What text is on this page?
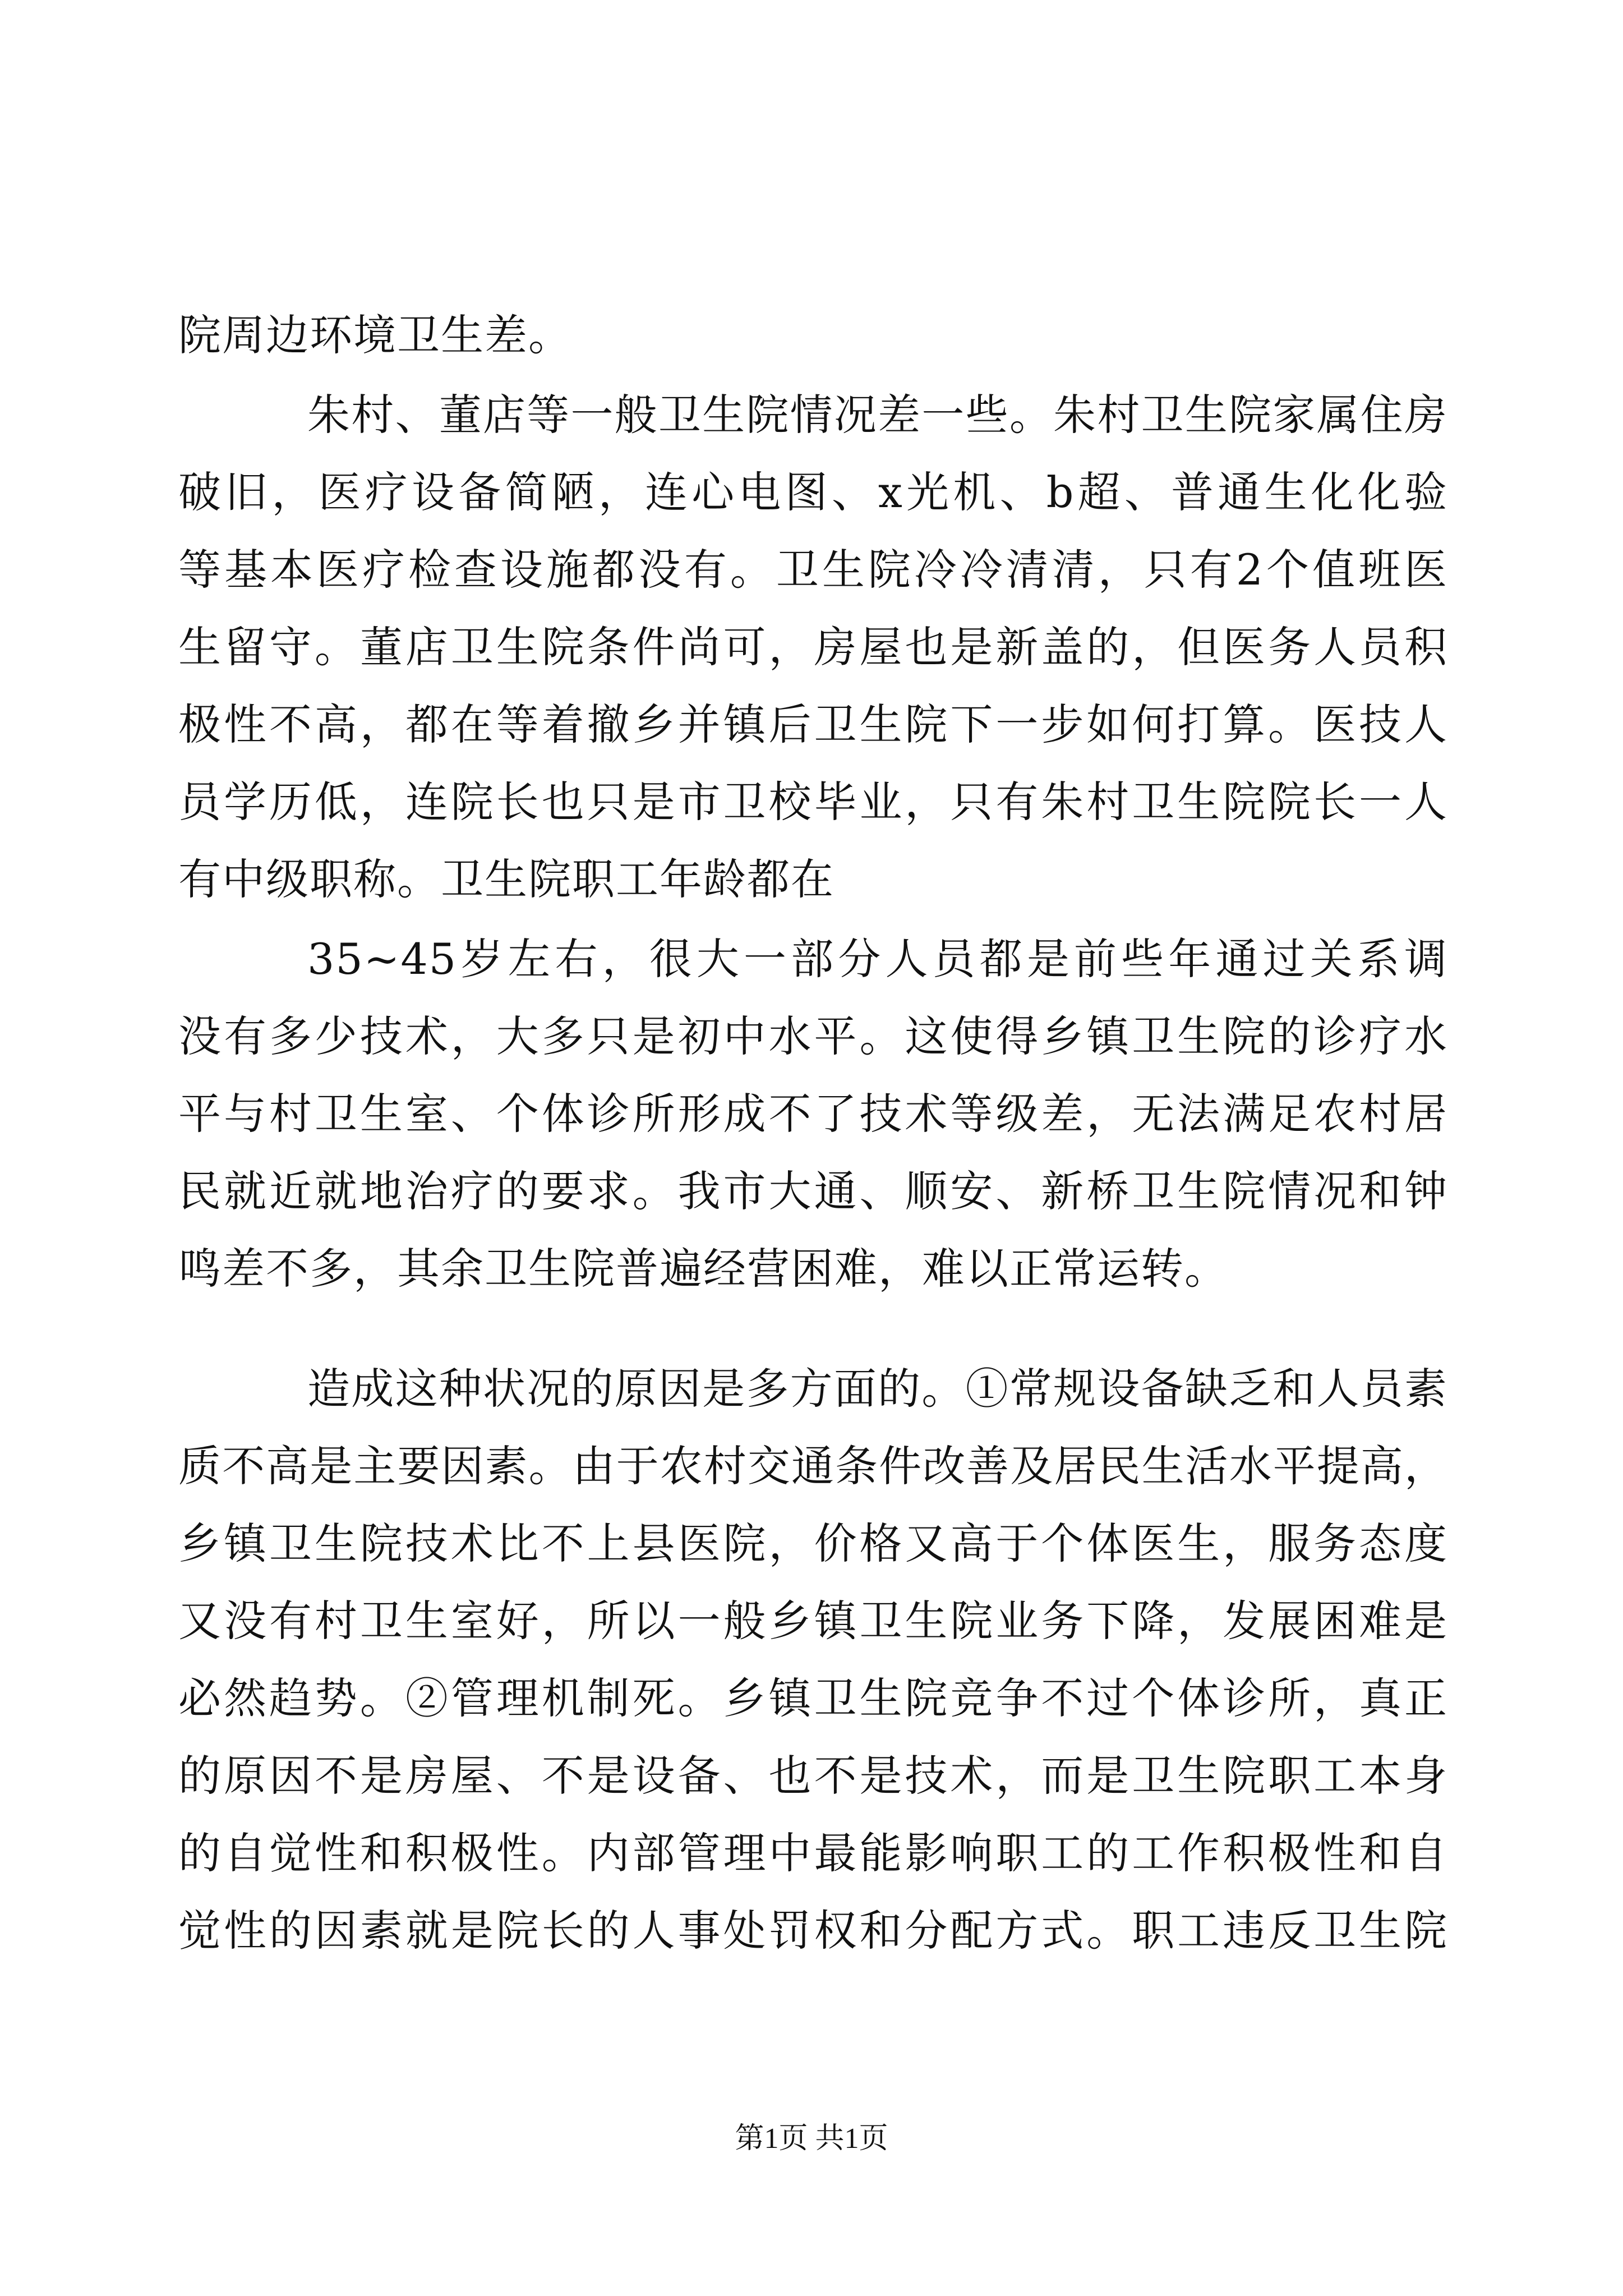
院周边环境卫生差。
朱村、董店等一般卫生院情况差一些。朱村卫生院家属住房
破旧，医疗设备简陋，连心电图、x光机、b超、普通生化化验
等基本医疗检查设施都没有。卫生院冷冷清清，只有2个值班医
生留守。董店卫生院条件尚可，房屋也是新盖的，但医务人员积
极性不高，都在等着撤乡并镇后卫生院下一步如何打算。医技人
员学历低，连院长也只是市卫校毕业，只有朱村卫生院院长一人
有中级职称。卫生院职工年龄都在
35~45岁左右，很大一部分人员都是前些年通过关系调
没有多少技术，大多只是初中水平。这使得乡镇卫生院的诊疗水
平与村卫生室、个体诊所形成不了技术等级差，无法满足农村居
民就近就地治疗的要求。我市大通、顺安、新桥卫生院情况和钟
鸣差不多，其余卫生院普遍经营困难，难以正常运转。
造成这种状况的原因是多方面的。①常规设备缺乏和人员素
质不高是主要因素。由于农村交通条件改善及居民生活水平提高，
乡镇卫生院技术比不上县医院，价格又高于个体医生，服务态度
又没有村卫生室好，所以一般乡镇卫生院业务下降，发展困难是
必然趋势。②管理机制死。乡镇卫生院竞争不过个体诊所，真正
的原因不是房屋、不是设备、也不是技术，而是卫生院职工本身
的自觉性和积极性。内部管理中最能影响职工的工作积极性和自
觉性的因素就是院长的人事处罚权和分配方式。职工违反卫生院
第1页 共1页
